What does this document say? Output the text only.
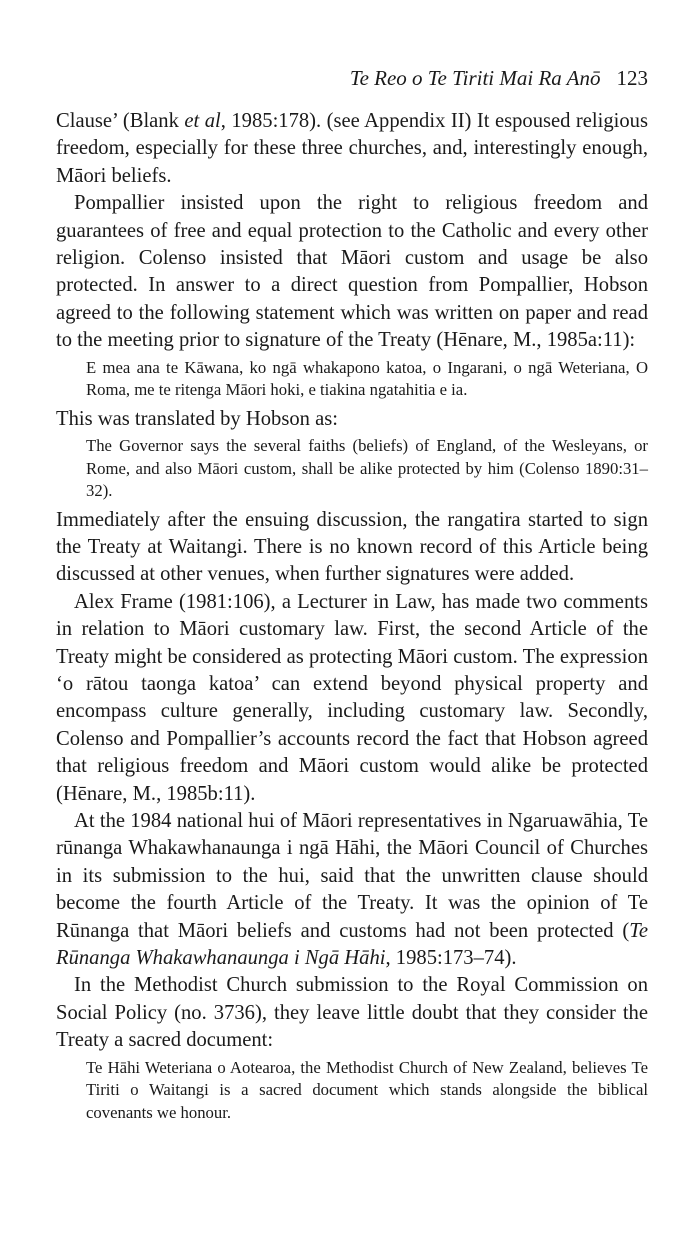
Te Reo o Te Tiriti Mai Ra Anō 123

Clause’ (Blank et al, 1985:178). (see Appendix II) It espoused religious freedom, especially for these three churches, and, interestingly enough, Māori beliefs.

Pompallier insisted upon the right to religious freedom and guarantees of free and equal protection to the Catholic and every other religion. Colenso insisted that Māori custom and usage be also protected. In answer to a direct question from Pompallier, Hobson agreed to the following statement which was written on paper and read to the meeting prior to signature of the Treaty (Hēnare, M., 1985a:11):

E mea ana te Kāwana, ko ngā whakapono katoa, o Ingarani, o ngā Weteriana, O Roma, me te ritenga Māori hoki, e tiakina ngatahitia e ia.

This was translated by Hobson as:

The Governor says the several faiths (beliefs) of England, of the Wesleyans, or Rome, and also Māori custom, shall be alike protected by him (Colenso 1890:31–32).

Immediately after the ensuing discussion, the rangatira started to sign the Treaty at Waitangi. There is no known record of this Article being discussed at other venues, when further signatures were added.

Alex Frame (1981:106), a Lecturer in Law, has made two comments in relation to Māori customary law. First, the second Article of the Treaty might be considered as protecting Māori custom. The expression ‘o rātou taonga katoa’ can extend beyond physical property and encompass culture generally, including customary law. Secondly, Colenso and Pompallier’s accounts record the fact that Hobson agreed that religious freedom and Māori custom would alike be protected (Hēnare, M., 1985b:11).

At the 1984 national hui of Māori representatives in Ngaruawāhia, Te rūnanga Whakawhanaunga i ngā Hāhi, the Māori Council of Churches in its submission to the hui, said that the unwritten clause should become the fourth Article of the Treaty. It was the opinion of Te Rūnanga that Māori beliefs and customs had not been protected (Te Rūnanga Whakawhanaunga i Ngā Hāhi, 1985:173–74).

In the Methodist Church submission to the Royal Commission on Social Policy (no. 3736), they leave little doubt that they consider the Treaty a sacred document:

Te Hāhi Weteriana o Aotearoa, the Methodist Church of New Zealand, believes Te Tiriti o Waitangi is a sacred document which stands alongside the biblical covenants we honour.
